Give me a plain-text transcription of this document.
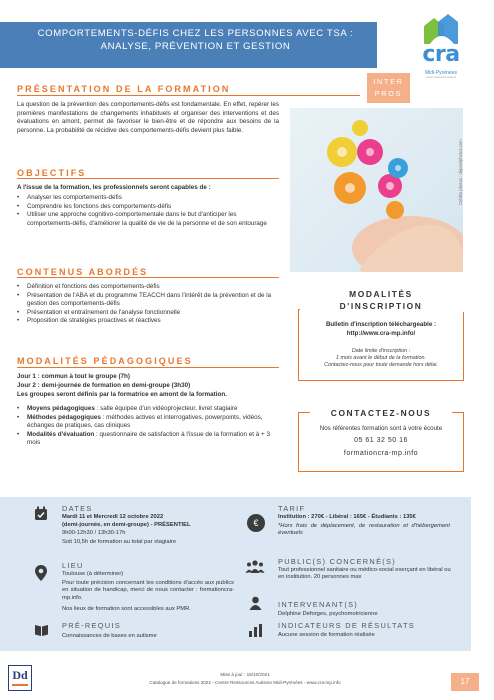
COMPORTEMENTS-DÉFIS CHEZ LES PERSONNES AVEC TSA : ANALYSE, PRÉVENTION ET GESTION	cra
Midi-Pyrénées
centre ressources autisme
INTER
PROS
PRÉSENTATION DE LA FORMATION
La question de la prévention des comportements-défis est fondamentale. En effet, repérer les premières manifestations de changements inhabituels et organiser des interventions et des évaluations en amont, permet de favoriser le bien-être et de répondre aux besoins de la personne. La probabilité de récidive des comportements-défis devient plus faible.
Crédits photos : depositphotos.com
OBJECTIFS
A l'issue de la formation, les professionnels seront capables de :
• Analyser les comportements-défis
• Comprendre les fonctions des comportements-défis
• Utiliser une approche cognitivo-comportementale dans le but d'anticiper les comportements-défis, d'améliorer la qualité de vie de la personne et de son entourage
CONTENUS ABORDÉS
• Définition et fonctions des comportements-défis
• Présentation de l'ABA et du programme TEACCH dans l'intérêt de la prévention et de la gestion des comportements-défis
• Présentation et entraînement de l'analyse fonctionnelle
• Proposition de stratégies proactives et réactives
MODALITÉS PÉDAGOGIQUES
Jour 1 : commun à tout le groupe (7h)
Jour 2 : demi-journée de formation en demi-groupe (3h30)
Les groupes seront définis par la formatrice en amont de la formation.
• Moyens pédagogiques : salle équipée d'un vidéoprojecteur, livret stagiaire
• Méthodes pédagogiques : méthodes actives et interrogatives, powerpoints, vidéos, échanges de pratiques, cas cliniques
• Modalités d'évaluation : questionnaire de satisfaction à l'issue de la formation et à + 3 mois
MODALITÉS
D'INSCRIPTION
Bulletin d'inscription téléchargeable :
http://www.cra-mp.info/
Date limite d'inscription :
1 mois avant le début de la formation.
Contactez-nous pour toute demande hors délai.
CONTACTEZ-NOUS
Nos référentes formation sont à votre écoute
05 61 32 50 16
formationcra-mp.info
DATES
Mardi 11 et Mercredi 12 octobre 2022
(demi-journée, en demi-groupe) - PRÉSENTIEL
9h00-12h30 / 13h30-17h
Soit 10,5h de formation au total par stagiaire
LIEU
Toulouse (à déterminer)
Pour toute précision concernant les conditions d'accès aux publics en situation de handicap, merci de nous contacter : formationcra-mp.info.
Nos lieux de formation sont accessibles aux PMR.
PRÉ-REQUIS
Connaissances de bases en autisme
€
TARIF
Institution : 270€ - Libéral : 165€ - Étudiants : 135€
*Hors frais de déplacement, de restauration et d'hébergement éventuels
PUBLIC(S) CONCERNÉ(S)
Tout professionnel sanitaire ou médico-social exerçant en libéral ou en institution. 20 personnes max
INTERVENANT(S)
Delphine Deforges, psychomotricienne
INDICATEURS DE RÉSULTATS
Aucune session de formation réalisée
Dd	Mise à jour : 15/10/2021
Catalogue de formations 2022 - Centre Ressources Autisme Midi-Pyrénées - www.cra-mp.info	17
